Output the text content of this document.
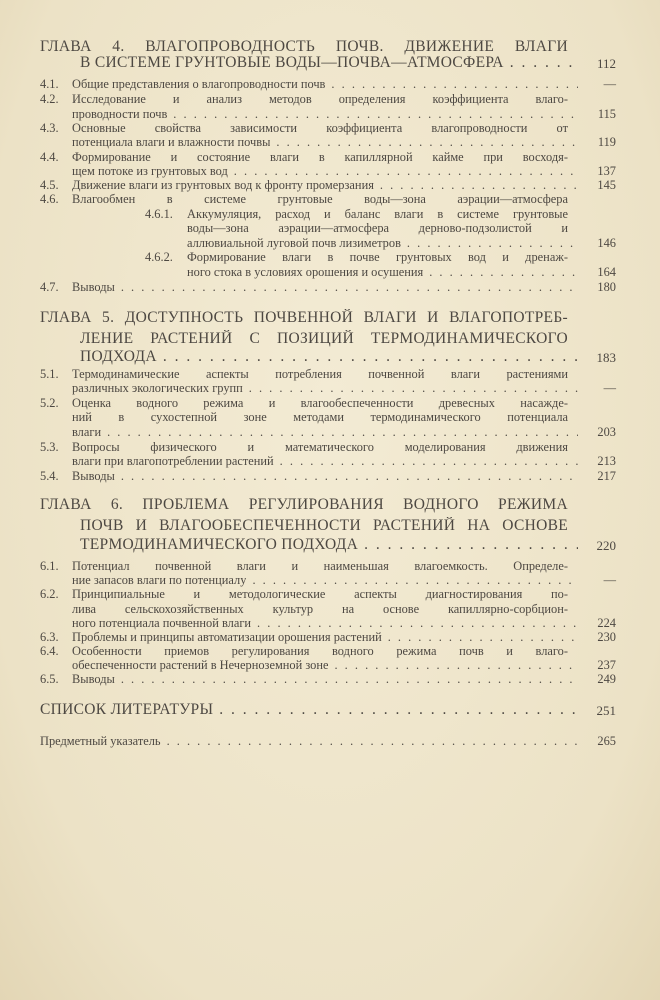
ГЛАВА 4. ВЛАГОПРОВОДНОСТЬ ПОЧВ. ДВИЖЕНИЕ ВЛАГИ
В СИСТЕМЕ ГРУНТОВЫЕ ВОДЫ—ПОЧВА—АТМОСФЕРА . . .	112
4.1. Общие представления о влагопроводности почв . . .	—
4.2. Исследование и анализ методов определения коэффициента влаго-
проводности почв . . .	115
4.3. Основные свойства зависимости коэффициента влагопроводности от
потенциала влаги и влажности почвы . . .	119
4.4. Формирование и состояние влаги в капиллярной кайме при восходя-
щем потоке из грунтовых вод . . .	137
4.5. Движение влаги из грунтовых вод к фронту промерзания . . .	145
4.6. Влагообмен в системе грунтовые воды—зона аэрации—атмосфера
4.6.1. Аккумуляция, расход и баланс влаги в системе грунтовые
воды—зона аэрации—атмосфера дерново-подзолистой и
аллювиальной луговой почв лизиметров . . .	146
4.6.2. Формирование влаги в почве грунтовых вод и дренаж-
ного стока в условиях орошения и осушения . . .	164
4.7. Выводы . . .	180
ГЛАВА 5. ДОСТУПНОСТЬ ПОЧВЕННОЙ ВЛАГИ И ВЛАГОПОТРЕБ-
ЛЕНИЕ РАСТЕНИЙ С ПОЗИЦИЙ ТЕРМОДИНАМИЧЕСКОГО
ПОДХОДА . . .	183
5.1. Термодинамические аспекты потребления почвенной влаги растениями
различных экологических групп . . .	—
5.2. Оценка водного режима и влагообеспеченности древесных насажде-
ний в сухостепной зоне методами термодинамического потенциала
влаги . . .	203
5.3. Вопросы физического и математического моделирования движения
влаги при влагопотреблении растений . . .	213
5.4. Выводы . . .	217
ГЛАВА 6. ПРОБЛЕМА РЕГУЛИРОВАНИЯ ВОДНОГО РЕЖИМА
ПОЧВ И ВЛАГООБЕСПЕЧЕННОСТИ РАСТЕНИЙ НА ОСНОВЕ
ТЕРМОДИНАМИЧЕСКОГО ПОДХОДА . . .	220
6.1. Потенциал почвенной влаги и наименьшая влагоемкость. Определе-
ние запасов влаги по потенциалу . . .	—
6.2. Принципиальные и методологические аспекты диагностирования по-
лива сельскохозяйственных культур на основе капиллярно-сорбцион-
ного потенциала почвенной влаги . . .	224
6.3. Проблемы и принципы автоматизации орошения растений . . .	230
6.4. Особенности приемов регулирования водного режима почв и влаго-
обеспеченности растений в Нечерноземной зоне . . .	237
6.5. Выводы . . .	249
СПИСОК ЛИТЕРАТУРЫ . . .	251
Предметный указатель . . .	265
